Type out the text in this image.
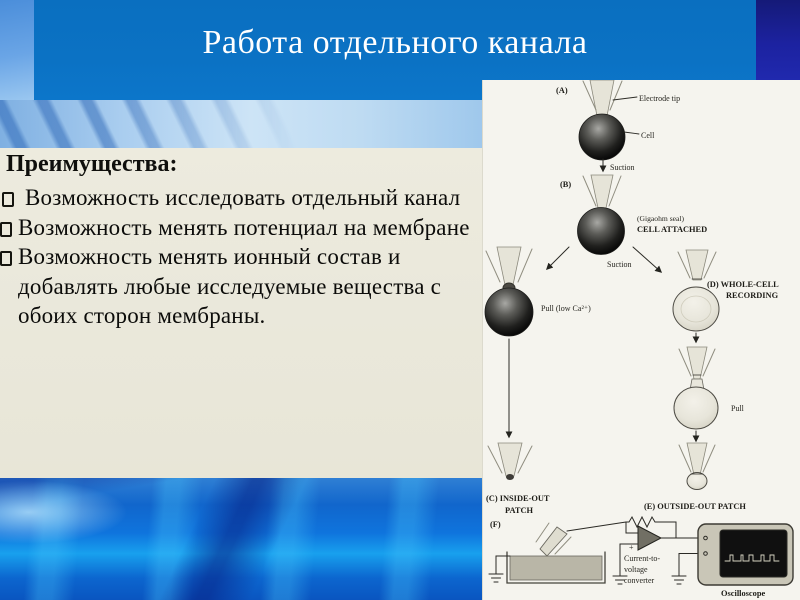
Работа отдельного канала
Преимущества:
Возможность исследовать отдельный канал
Возможность менять потенциал на мембране
Возможность менять ионный состав и добавлять любые исследуемые вещества с обоих сторон мембраны.
(A)
Electrode tip
Cell
Suction
(B)
(Gigaohm seal)
CELL ATTACHED
Suction
Pull (low Ca²⁺)
(D) WHOLE-CELL
RECORDING
Pull
(C) INSIDE-OUT
PATCH	(E) OUTSIDE-OUT PATCH
(F)
Current-to-
voltage
converter
+
Oscilloscope
